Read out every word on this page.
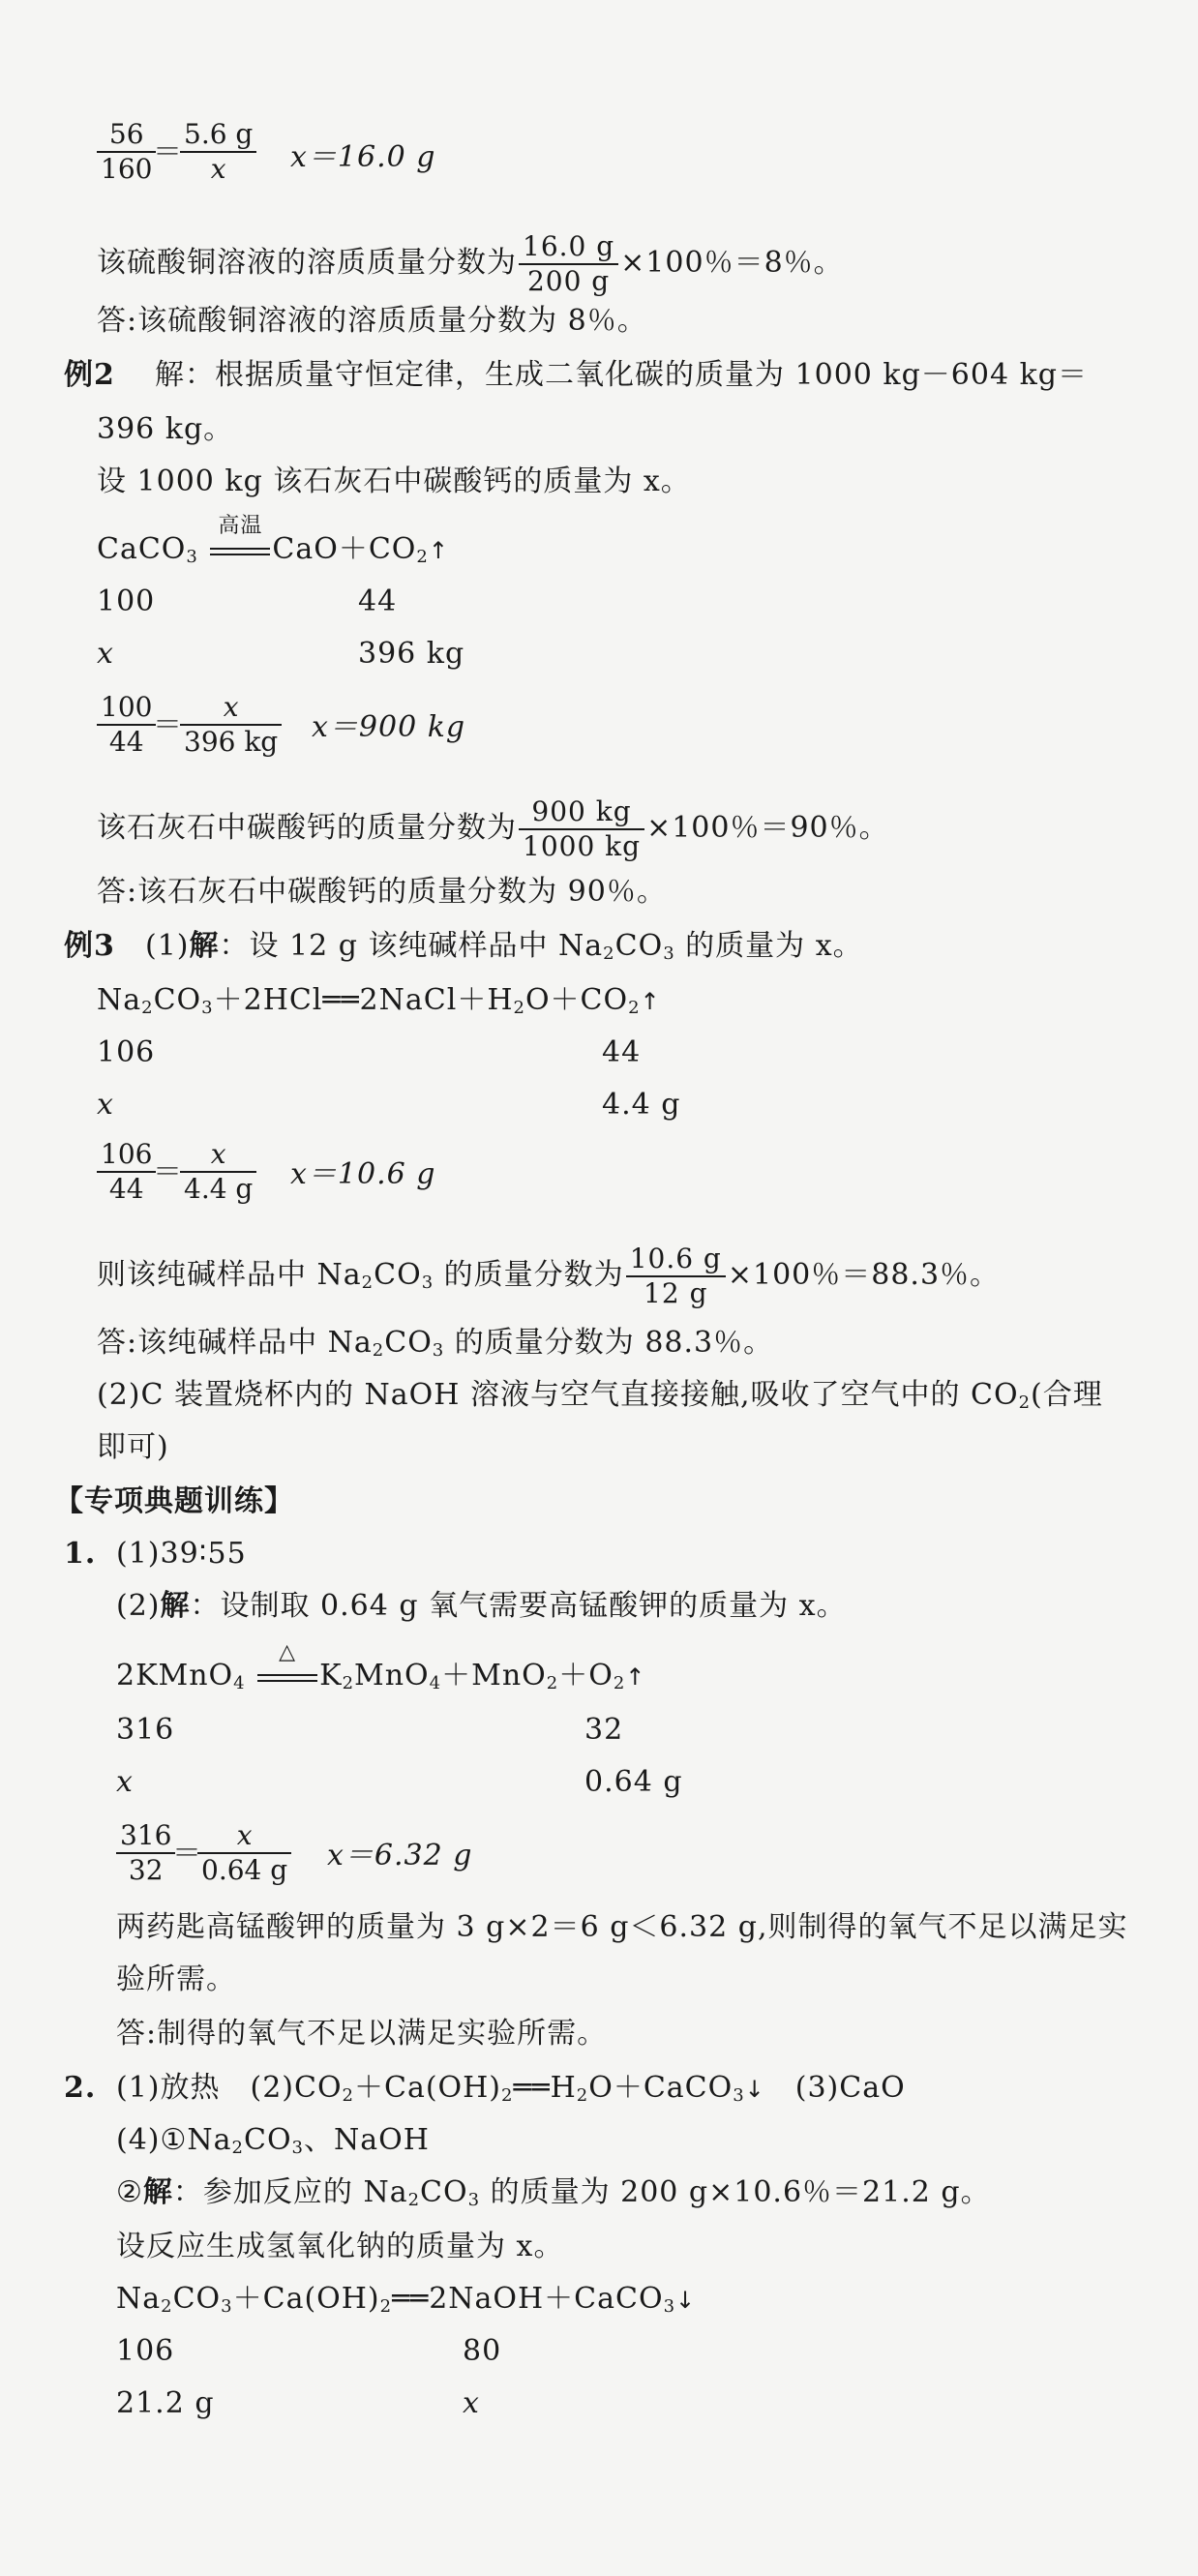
$\frac{56}{160}$
＝
$\frac{5.6 g}{x} x=16.0$ g
该硫酸铜溶液的溶质质量分数为 $\frac{16.0 g}{200 g} \times 100$％＝8％。
答:该硫酸铜溶液的溶质质量分数为 8％。
例2 解：根据质量守恒定律，生成二氧化碳的质量为 1000 kg－604 kg＝
396 kg。
设 1000 kg 该石灰石中碳酸钙的质量为 x。
CaCO$_3$
高温
$CaO+CO_2↑$
100	44
x	396 kg
$\frac{100}{44}$
＝
$\frac{x}{396 kg} x=900$ kg
该石灰石中碳酸钙的质量分数为 $\frac{900 kg}{1000 kg} \times 100$％＝90％。
答:该石灰石中碳酸钙的质量分数为 90％。
例3 (1)解：设 12 g 该纯碱样品中 $Na_2CO_3$ 的质量为 x。
$Na_2CO_3+2HCl══2NaCl+H_2O+CO_2↑$
106	44
x	4.4 g
$\frac{106}{44}$
＝
$\frac{x}{4.4 g} x=10.6$ g
则该纯碱样品中 $Na_2CO_3$ 的质量分数为 $\frac{10.6 g}{12 g} \times 100$％＝88.3％。
答:该纯碱样品中 $Na_2CO_3$ 的质量分数为 88.3％。
(2)C 装置烧杯内的 NaOH 溶液与空气直接接触,吸收了空气中的 $CO_2$(合理
即可)
【专项典题训练】
1. (1)39∶55
(2)解：设制取 0.64 g 氧气需要高锰酸钾的质量为 x。
2KMnO$_4$
△
$K_2MnO_4+MnO_2+O_2↑$
316	32
x	0.64 g
$\frac{316}{32}$
＝
$\frac{x}{0.64 g} x=6.32$ g
两药匙高锰酸钾的质量为 3 g×2＝6 g＜6.32 g,则制得的氧气不足以满足实
验所需。
答:制得的氧气不足以满足实验所需。
2. (1)放热　$(2)CO_2+Ca(OH)_2══H_2O+CaCO_3↓$　(3)CaO
$(4)①Na_2CO_3$、NaOH
②解：参加反应的 $Na_2CO_3$ 的质量为 200 g×10.6％＝21.2 g。
设反应生成氢氧化钠的质量为 x。
$Na_2CO_3+Ca(OH)_2══2NaOH+CaCO_3↓$
106	80
21.2 g	x
